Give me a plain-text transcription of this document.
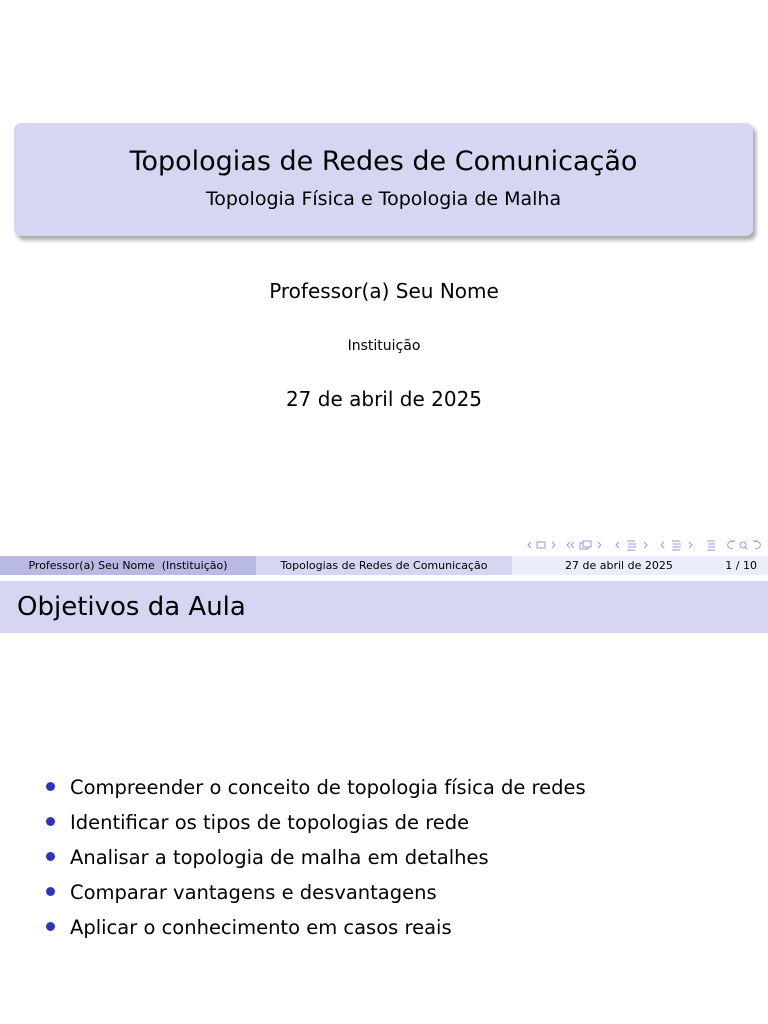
Topologias de Redes de Comunicação
Topologia Física e Topologia de Malha
Professor(a) Seu Nome
Instituição
27 de abril de 2025
Professor(a) Seu Nome  (Instituição)	Topologias de Redes de Comunicação	27 de abril de 2025	1 / 10
Objetivos da Aula
Compreender o conceito de topologia física de redes
Identificar os tipos de topologias de rede
Analisar a topologia de malha em detalhes
Comparar vantagens e desvantagens
Aplicar o conhecimento em casos reais
